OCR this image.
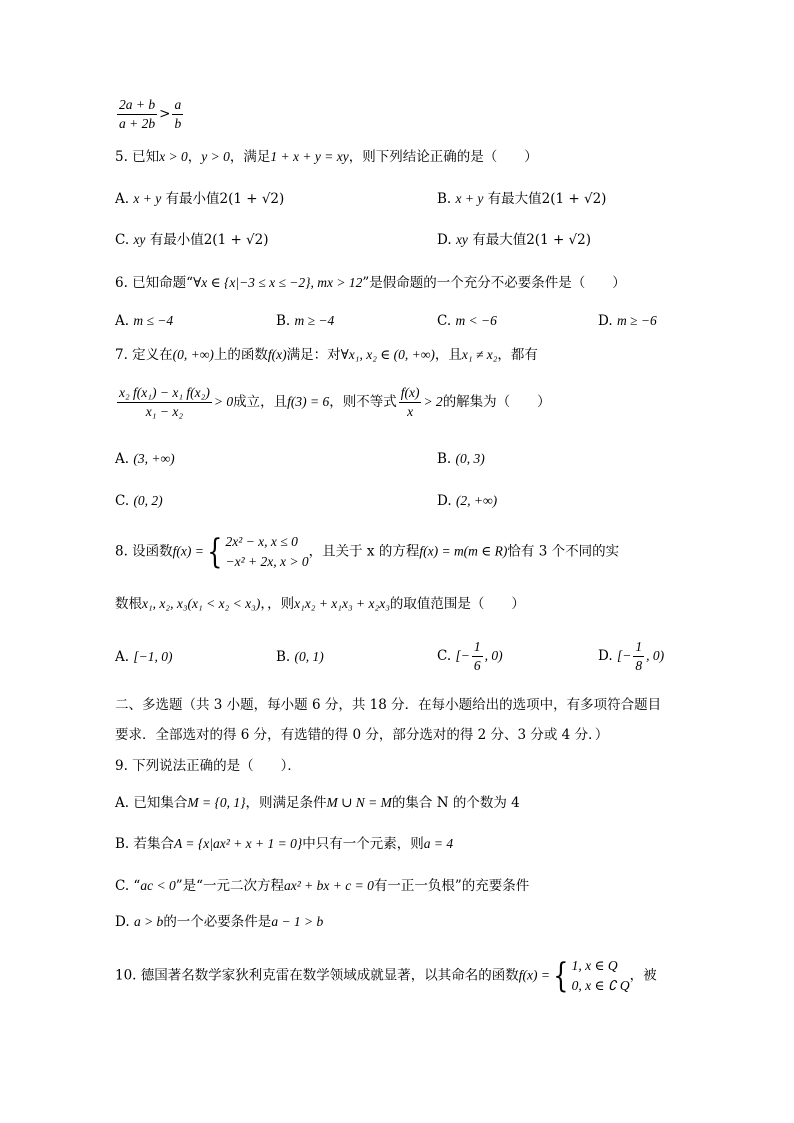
$\frac{2a + b}{a + 2b} > \frac{a}{b}$
5. 已知x > 0，y > 0，满足1 + x + y = xy，则下列结论正确的是（　　）
A. x + y 有最小值2(1 + √2)	B. x + y 有最大值2(1 + √2)
C. xy 有最小值2(1 + √2)	D. xy 有最大值2(1 + √2)
6. 已知命题“∀x ∈ {x|−3 ≤ x ≤ −2}, mx > 12”是假命题的一个充分不必要条件是（　　）
A. m ≤ −4	B. m ≥ −4	C. m < −6	D. m ≥ −6
7. 定义在(0, +∞)上的函数f(x)满足：对∀x₁, x₂ ∈ (0, +∞)，且x₁ ≠ x₂，都有
$\frac{\text{x₂ f(x₁) − x₁ f(x₂)}}{\text{x₁ − x₂}} > 0$成立，且f(3) = 6，则不等式 $\frac{f(x)}{x} > 2$的解集为（　　）
A. (3, +∞)	B. (0, 3)
C. (0, 2)	D. (2, +∞)
8. 设函数f(x) ={ 2x² − x, x ≤ 0
−x² + 2x, x > 0
，且关于 x 的方程f(x) = m(m ∈ R)恰有 3 个不同的实
数根x₁, x₂, x₃(x₁ < x₂ < x₃)，，则x₁x₂ + x₁x₃ + x₂x₃的取值范围是（　　）
A. [−1, 0)	B. (0, 1)	C. [− $\frac{1}{6}$ , 0)	D. [− $\frac{1}{8}$ , 0)
二、多选题（共 3 小题，每小题 6 分，共 18 分．在每小题给出的选项中，有多项符合题目
要求．全部选对的得 6 分，有选错的得 0 分，部分选对的得 2 分、3 分或 4 分．）
9. 下列说法正确的是（　　）．
A. 已知集合M = {0, 1}，则满足条件M ∪ N = M的集合 N 的个数为 4
B. 若集合A = {x|ax² + x + 1 = 0}中只有一个元素，则a = 4
C. “ac < 0”是“一元二次方程ax² + bx + c = 0有一正一负根”的充要条件
D. a > b的一个必要条件是a − 1 > b
10. 德国著名数学家狄利克雷在数学领域成就显著，以其命名的函数f(x) ={ 1, x ∈ Q
0, x ∈ ∁ Q
，被
